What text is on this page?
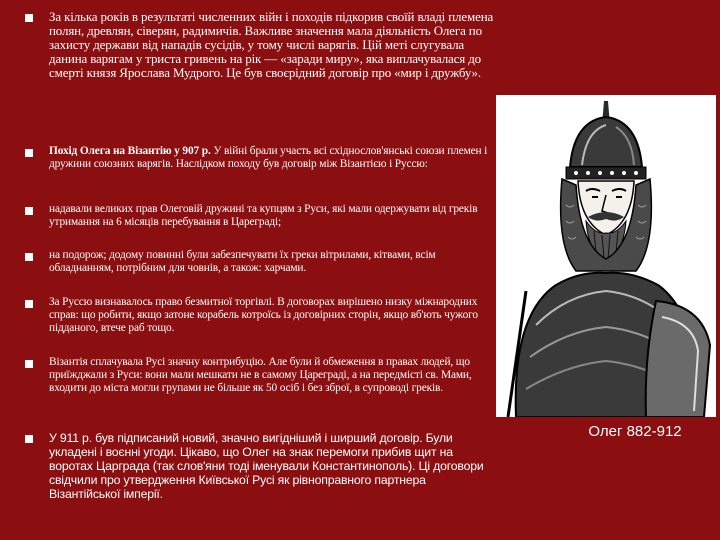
За кілька років в результаті численних війн і походів підкорив своїй владі племена полян, древлян, сіверян, радимичів. Важливе значення мала діяльність Олега по захисту держави від нападів сусідів, у тому числі варягів. Цій меті слугувала данина варягам у триста гривень на рік — «заради миру», яка виплачувалася до смерті князя Ярослава Мудрого. Це був своєрідний договір про «мир і дружбу».
Похід Олега на Візантію у 907 р. У війні брали участь всі східнослов'янські союзи племен і дружини союзних варягів. Наслідком походу був договір між Візантією і Руссю:
надавали великих прав Олеговій дружині та купцям з Руси, які мали одержувати від греків утримання на 6 місяців перебування в Цареграді;
на подорож; додому повинні були забезпечувати їх греки вітрилами, кітвами, всім обладнанням, потрібним для човнів, а також: харчами.
За Руссю визнавалось право безмитної торгівлі. В договорах вирішено низку міжнародних справ: що робити, якщо затоне корабель котроїсь із договірних сторін, якщо вб'ють чужого підданого, втече раб тощо.
Візантія сплачувала Русі значну контрибуцію. Але були й обмеження в правах людей, що приїжджали з Руси: вони мали мешкати не в самому Цареграді, а на передмісті св. Мами, входити до міста могли групами не більше як 50 осіб і без зброї, в супроводі греків.
У 911 р. був підписаний новий, значно вигідніший і ширший договір. Були укладені і воєнні угоди. Цікаво, що Олег на знак перемоги прибив щит на воротах Царграда (так слов'яни тоді іменували Константинополь). Ці договори свідчили про утвердження Київської Русі як рівноправного партнера Візантійської імперії.
Олег 882-912
